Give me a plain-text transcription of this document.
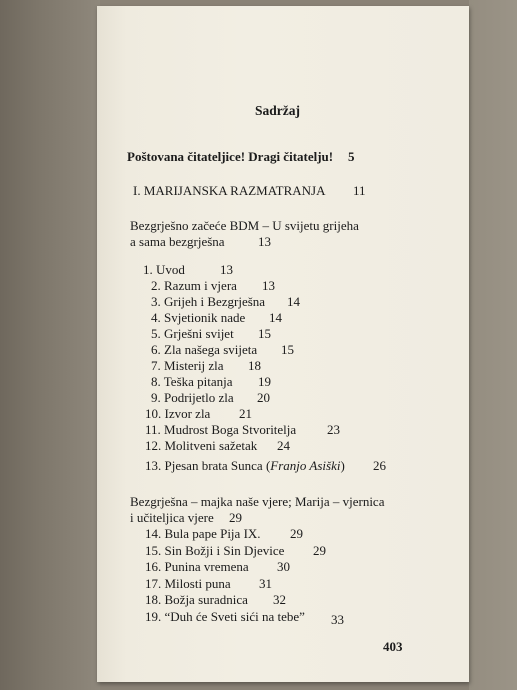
Sadržaj
Poštovana čitateljice! Dragi čitatelju! 5
I. MARIJANSKA RAZMATRANJA 11
Bezgrješno začeće BDM – U svijetu grijeha
a sama bezgrješna	13
1. Uvod	13
2. Razum i vjera 13
3. Grijeh i Bezgrješna 14
4. Svjetionik nade 14
5. Grješni svijet 15
6. Zla našega svijeta 15
7. Misterij zla 18
8. Teška pitanja 19
9. Podrijetlo zla 20
10. Izvor zla 21
11. Mudrost Boga Stvoritelja 23
12. Molitveni sažetak 24
13. Pjesan brata Sunca (Franjo Asiški) 26
Bezgrješna – majka naše vjere; Marija – vjernica
i učiteljica vjere 29
14. Bula pape Pija IX. 29
15. Sin Božji i Sin Djevice 29
16. Punina vremena 30
17. Milosti puna 31
18. Božja suradnica 32
19. “Duh će Sveti sići na tebe” 33
403
